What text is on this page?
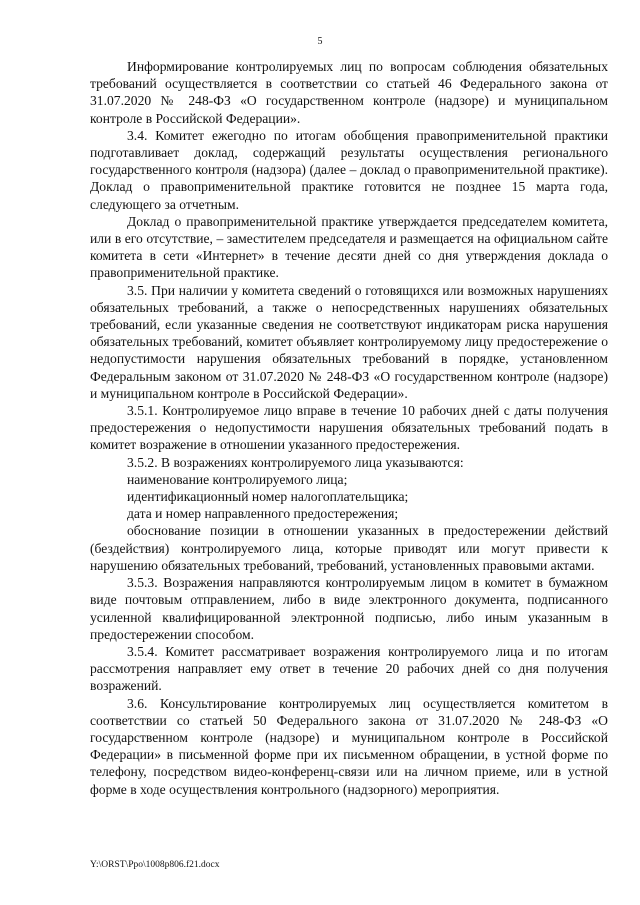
5

Информирование контролируемых лиц по вопросам соблюдения обязательных требований осуществляется в соответствии со статьей 46 Федерального закона от 31.07.2020 № 248-ФЗ «О государственном контроле (надзоре) и муниципальном контроле в Российской Федерации».

3.4. Комитет ежегодно по итогам обобщения правоприменительной практики подготавливает доклад, содержащий результаты осуществления регионального государственного контроля (надзора) (далее – доклад о правоприменительной практике). Доклад о правоприменительной практике готовится не позднее 15 марта года, следующего за отчетным.

Доклад о правоприменительной практике утверждается председателем комитета, или в его отсутствие, – заместителем председателя и размещается на официальном сайте комитета в сети «Интернет» в течение десяти дней со дня утверждения доклада о правоприменительной практике.

3.5. При наличии у комитета сведений о готовящихся или возможных нарушениях обязательных требований, а также о непосредственных нарушениях обязательных требований, если указанные сведения не соответствуют индикаторам риска нарушения обязательных требований, комитет объявляет контролируемому лицу предостережение о недопустимости нарушения обязательных требований в порядке, установленном Федеральным законом от 31.07.2020 № 248-ФЗ «О государственном контроле (надзоре) и муниципальном контроле в Российской Федерации».

3.5.1. Контролируемое лицо вправе в течение 10 рабочих дней с даты получения предостережения о недопустимости нарушения обязательных требований подать в комитет возражение в отношении указанного предостережения.

3.5.2. В возражениях контролируемого лица указываются:

наименование контролируемого лица;

идентификационный номер налогоплательщика;

дата и номер направленного предостережения;

обоснование позиции в отношении указанных в предостережении действий (бездействия) контролируемого лица, которые приводят или могут привести к нарушению обязательных требований, требований, установленных правовыми актами.

3.5.3. Возражения направляются контролируемым лицом в комитет в бумажном виде почтовым отправлением, либо в виде электронного документа, подписанного усиленной квалифицированной электронной подписью, либо иным указанным в предостережении способом.

3.5.4. Комитет рассматривает возражения контролируемого лица и по итогам рассмотрения направляет ему ответ в течение 20 рабочих дней со дня получения возражений.

3.6. Консультирование контролируемых лиц осуществляется комитетом в соответствии со статьей 50 Федерального закона от 31.07.2020 № 248-ФЗ «О государственном контроле (надзоре) и муниципальном контроле в Российской Федерации» в письменной форме при их письменном обращении, в устной форме по телефону, посредством видео-конференц-связи или на личном приеме, или в устной форме в ходе осуществления контрольного (надзорного) мероприятия.

Y:\ORST\Ppo\1008p806.f21.docx
